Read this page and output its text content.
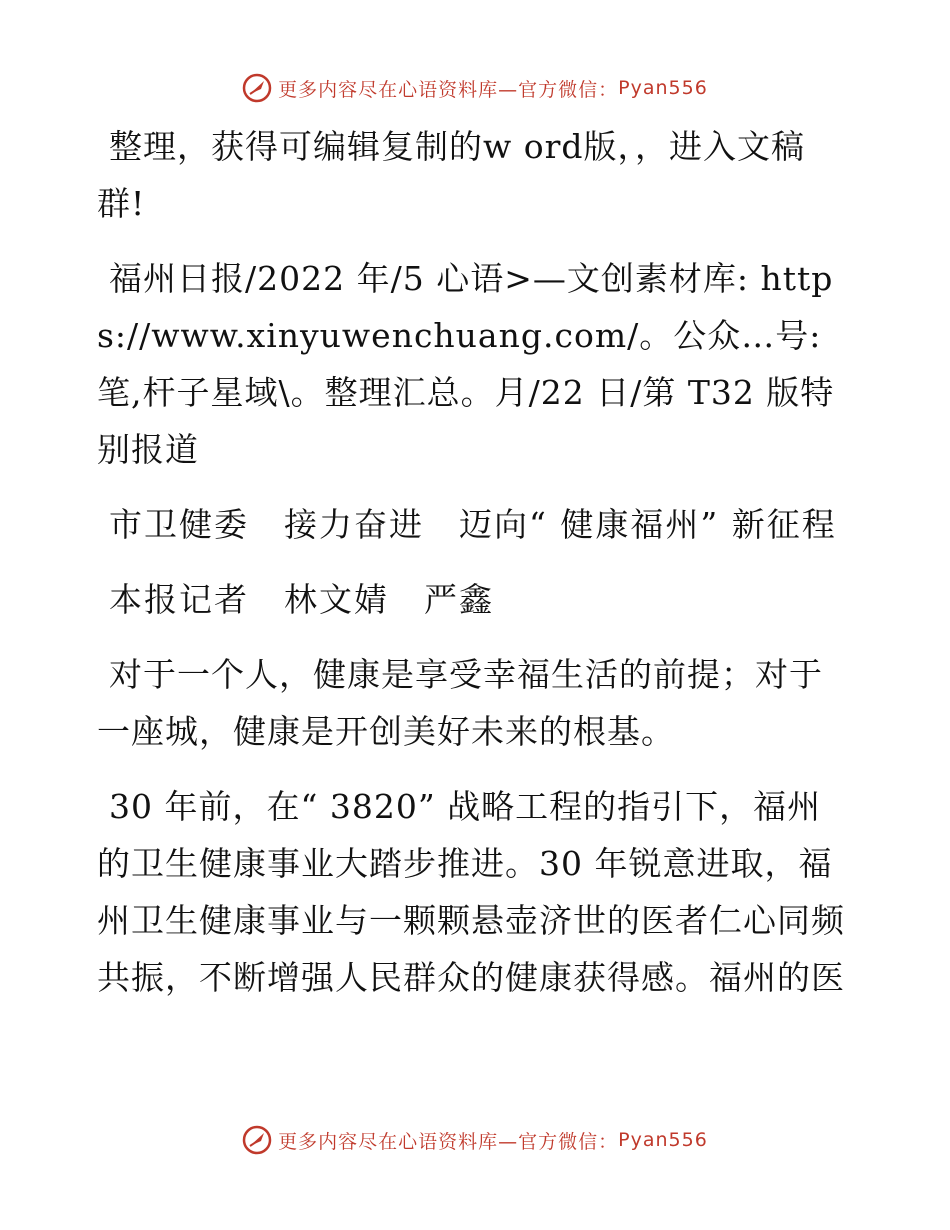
更多内容尽在心语资料库—官方微信： Pyan556

整理，获得可编辑复制的w ord版，，进入文稿群!

福州日报/2022 年/5 心语>—文创素材库: https://www.xinyuwenchuang.com/。公众…号:笔,杆子星域\。整理汇总。月/22 日/第 T32 版特别报道

市卫健委　接力奋进　迈向“ 健康福州” 新征程

本报记者　林文婧　严鑫

对于一个人，健康是享受幸福生活的前提；对于一座城，健康是开创美好未来的根基。

30 年前，在“ 3820” 战略工程的指引下，福州的卫生健康事业大踏步推进。30 年锐意进取，福州卫生健康事业与一颗颗悬壶济世的医者仁心同频共振，不断增强人民群众的健康获得感。福州的医

更多内容尽在心语资料库—官方微信： Pyan556
